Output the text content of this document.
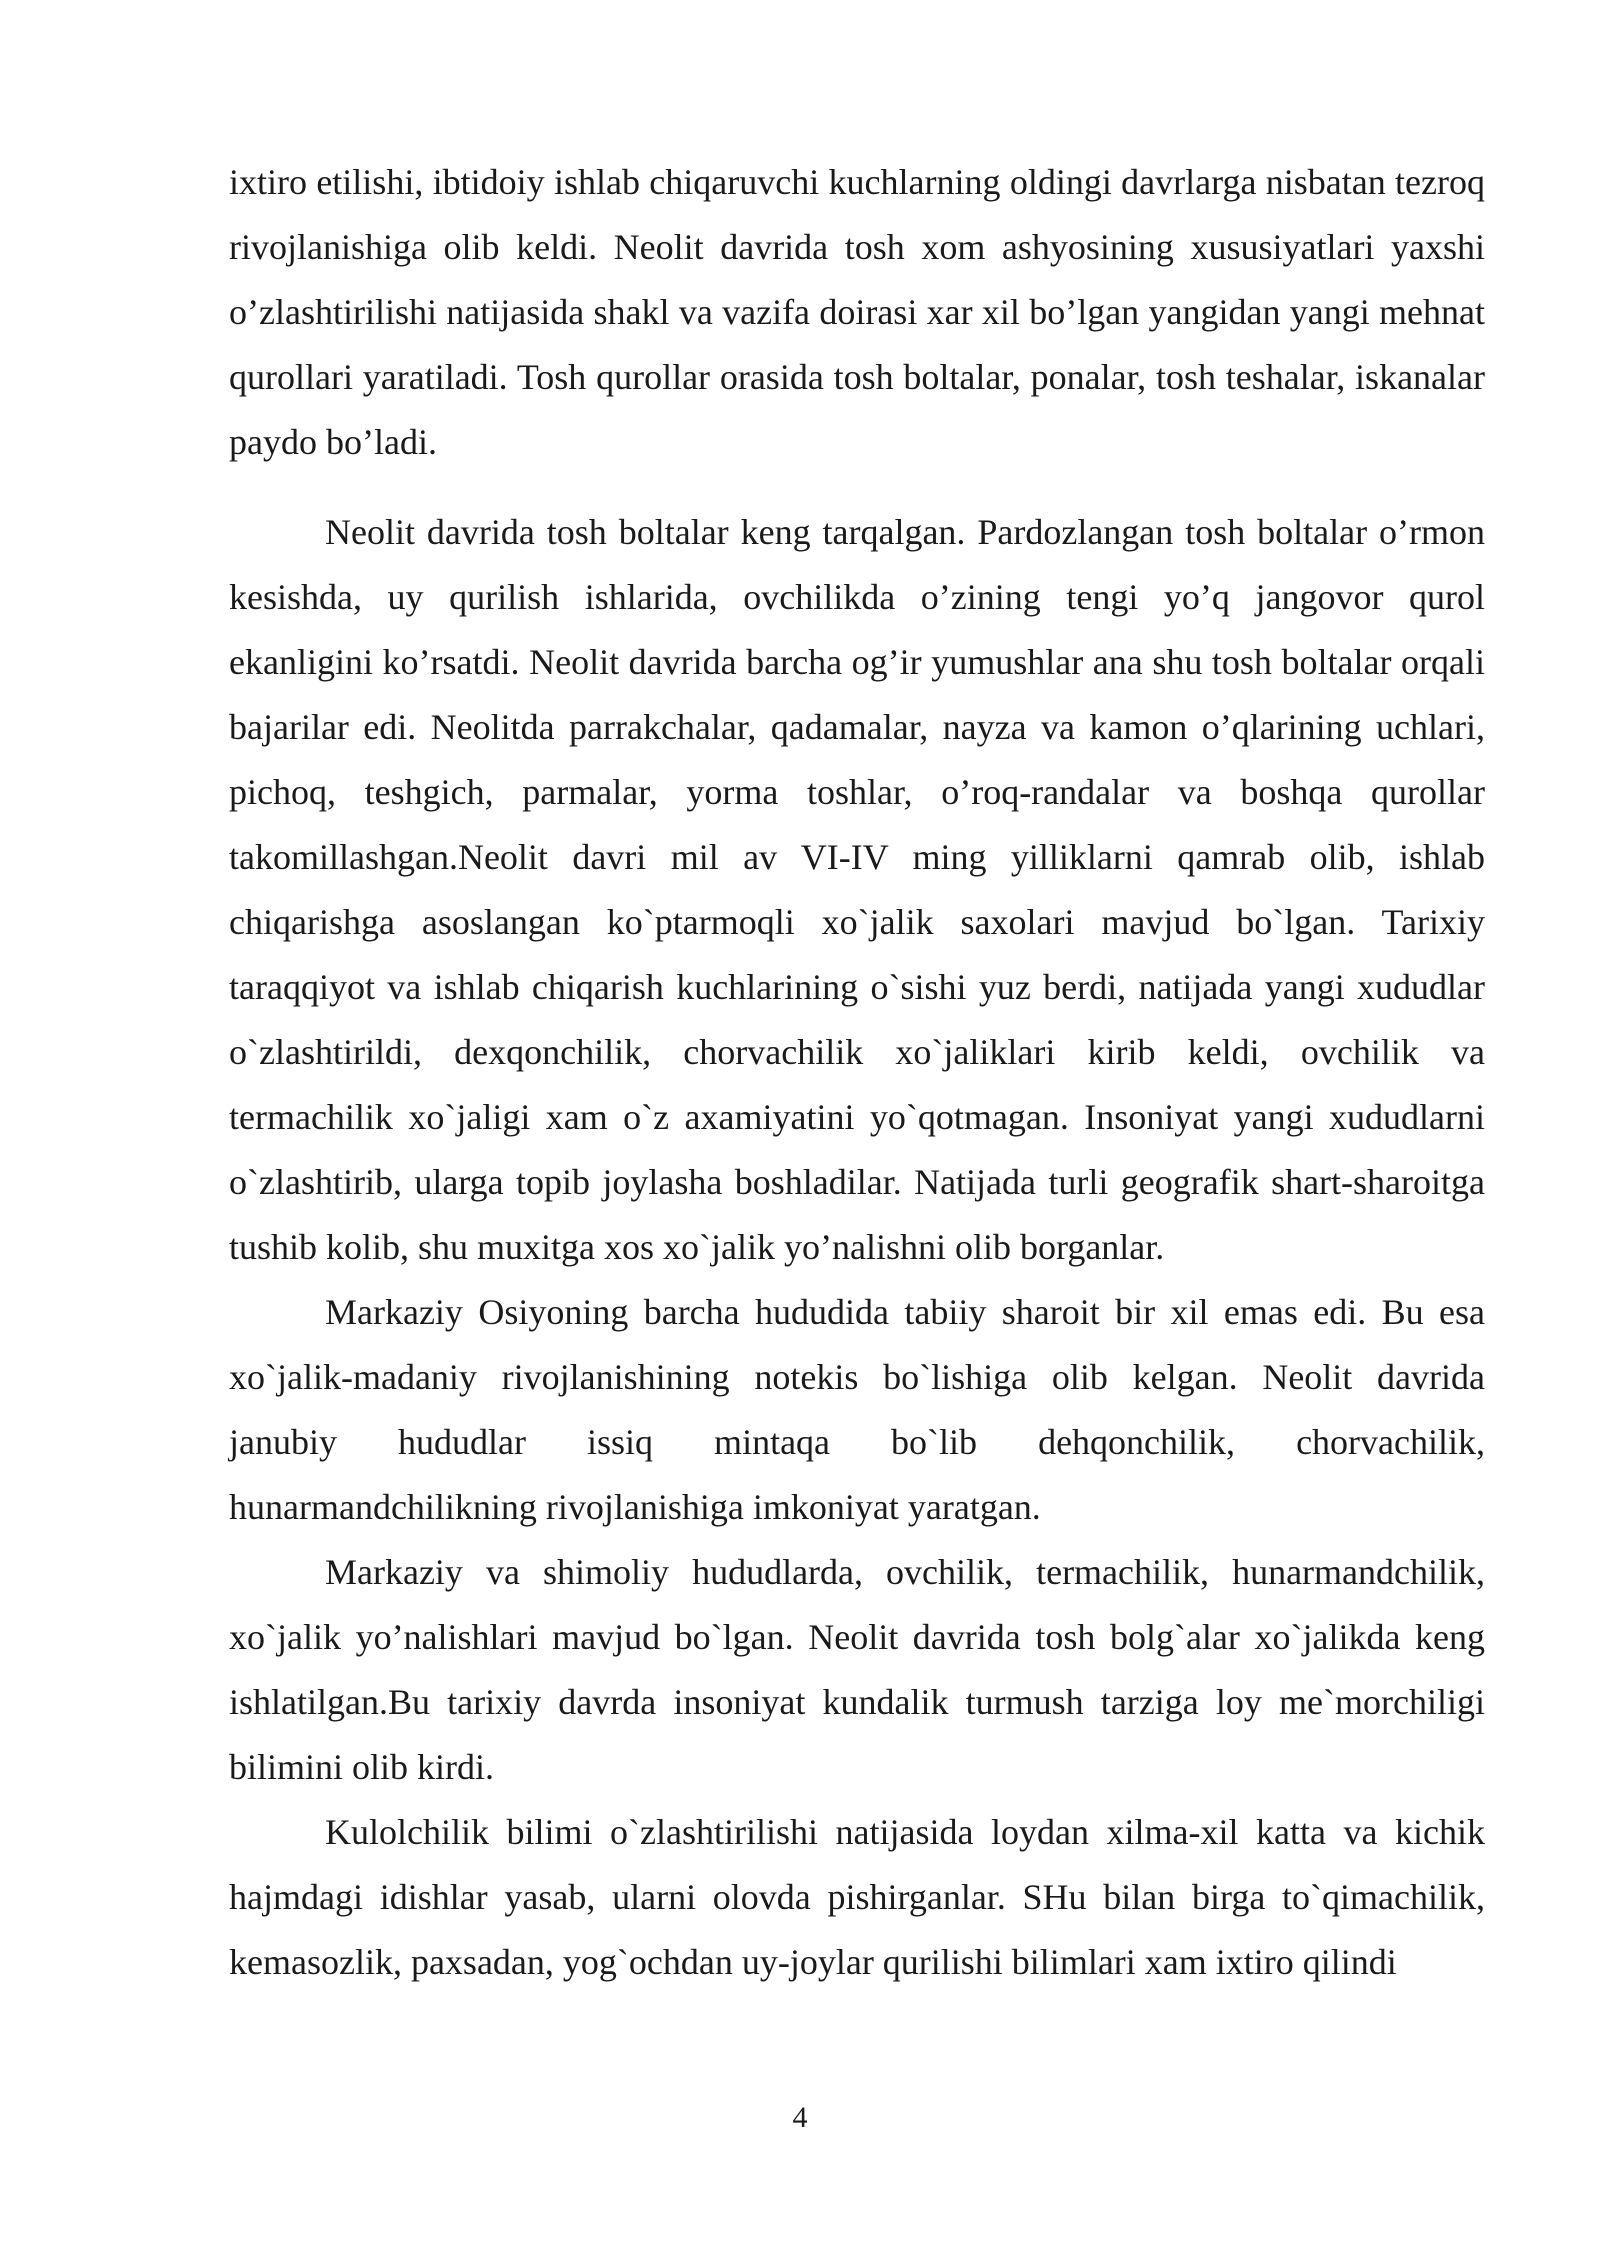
ixtiro etilishi, ibtidoiy ishlab chiqaruvchi kuchlarning oldingi davrlarga nisbatan tezroq rivojlanishiga olib keldi. Neolit davrida tosh xom ashyosining xususiyatlari yaxshi o’zlashtirilishi natijasida shakl va vazifa doirasi xar xil bo’lgan yangidan yangi mehnat qurollari yaratiladi. Tosh qurollar orasida tosh boltalar, ponalar, tosh teshalar, iskanalar paydo bo’ladi.

Neolit davrida tosh boltalar keng tarqalgan. Pardozlangan tosh boltalar o’rmon kesishda, uy qurilish ishlarida, ovchilikda o’zining tengi yo’q jangovor qurol ekanligini ko’rsatdi. Neolit davrida barcha og’ir yumushlar ana shu tosh boltalar orqali bajarilar edi. Neolitda parrakchalar, qadamalar, nayza va kamon o’qlarining uchlari, pichoq, teshgich, parmalar, yorma toshlar, o’roq-randalar va boshqa qurollar takomillashgan.Neolit davri mil av VI-IV ming yilliklarni qamrab olib, ishlab chiqarishga asoslangan ko`ptarmoqli xo`jalik saxolari mavjud bo`lgan. Tarixiy taraqqiyot va ishlab chiqarish kuchlarining o`sishi yuz berdi, natijada yangi xududlar o`zlashtirildi, dexqonchilik, chorvachilik xo`jaliklari kirib keldi, ovchilik va termachilik xo`jaligi xam o`z axamiyatini yo`qotmagan. Insoniyat yangi xududlarni o`zlashtirib, ularga topib joylasha boshladilar. Natijada turli geografik shart-sharoitga tushib kolib, shu muxitga xos xo`jalik yo’nalishni olib borganlar.

Markaziy Osiyoning barcha hududida tabiiy sharoit bir xil emas edi. Bu esa xo`jalik-madaniy rivojlanishining notekis bo`lishiga olib kelgan. Neolit davrida janubiy hududlar issiq mintaqa bo`lib dehqonchilik, chorvachilik, hunarmandchilikning rivojlanishiga imkoniyat yaratgan.

Markaziy va shimoliy hududlarda, ovchilik, termachilik, hunarmandchilik, xo`jalik yo’nalishlari mavjud bo`lgan. Neolit davrida tosh bolg`alar xo`jalikda keng ishlatilgan.Bu tarixiy davrda insoniyat kundalik turmush tarziga loy me`morchiligi bilimini olib kirdi.

Kulolchilik bilimi o`zlashtirilishi natijasida loydan xilma-xil katta va kichik hajmdagi idishlar yasab, ularni olovda pishirganlar. SHu bilan birga to`qimachilik, kemasozlik, paxsadan, yog`ochdan uy-joylar qurilishi bilimlari xam ixtiro qilindi

4
